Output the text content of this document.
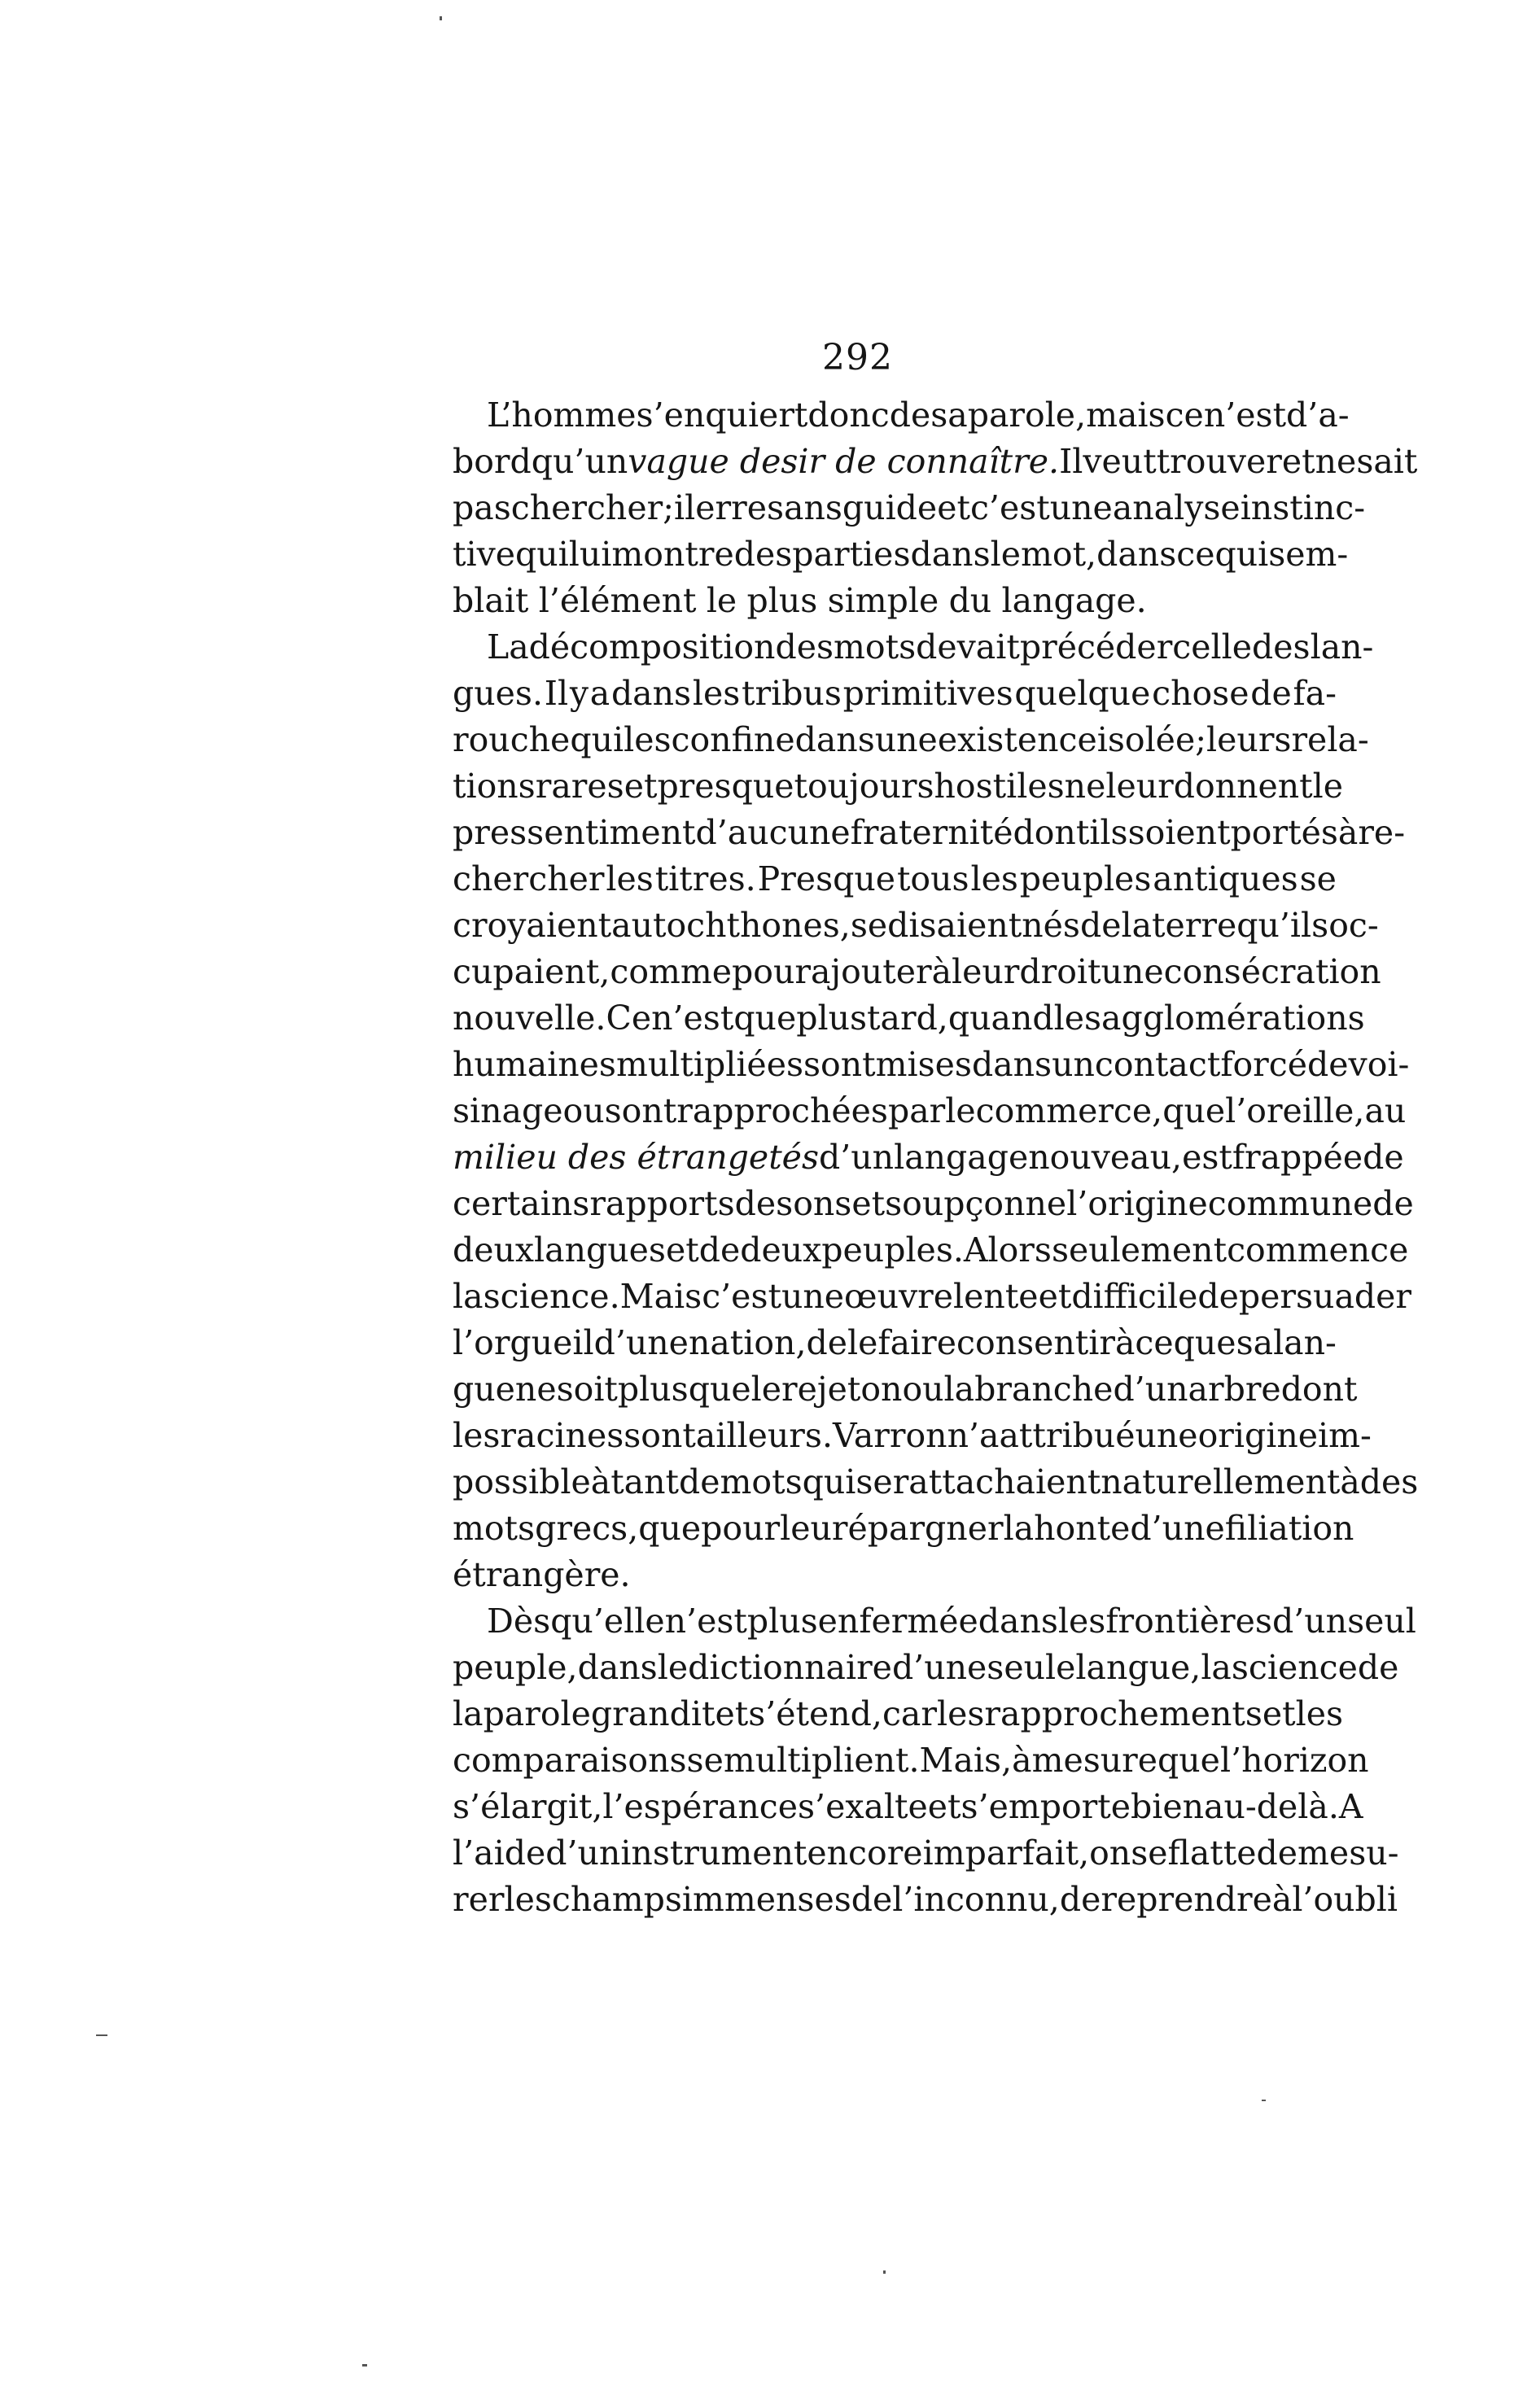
292
L’homme s’enquiert donc de sa parole, mais ce n’est d’a-
bord qu’un vague desir de connaître. Il veut trouver et ne sait
pas chercher; il erre sans guide et c’est une analyse instinc-
tive qui lui montre des parties dans le mot, dans ce qui sem-
blait l’élément le plus simple du langage.
La décomposition des mots devait précéder celle des lan-
gues. Il y a dans les tribus primitives quelque chose de fa-
rouche qui les confine dans une existence isolée; leurs rela-
tions rares et presque toujours hostiles ne leur donnent le
pressentiment d’aucune fraternité dont ils soient portés à re-
chercher les titres. Presque tous les peuples antiques se
croyaient autochthones, se disaient nés de la terre qu’ils oc-
cupaient, comme pour ajouter à leur droit une consécration
nouvelle. Ce n’est que plus tard, quand les agglomérations
humaines multipliées sont mises dans un contact forcé de voi-
sinage ou sont rapprochées par le commerce, que l’oreille, au
milieu des étrangetés d’un langage nouveau, est frappée de
certains rapports de sons et soupçonne l’origine commune de
deux langues et de deux peuples. Alors seulement commence
la science. Mais c’est une œuvre lente et difficile de persuader
l’orgueil d’une nation, de le faire consentir à ce que sa lan-
gue ne soit plus que le rejeton ou la branche d’un arbre dont
les racines sont ailleurs. Varron n’a attribué une origine im-
possible à tant de mots qui se rattachaient naturellement à des
mots grecs, que pour leur épargner la honte d’une filiation
étrangère.
Dès qu’elle n’est plus enfermée dans les frontières d’un seul
peuple, dans le dictionnaire d’une seule langue, la science de
la parole grandit et s’étend, car les rapprochements et les
comparaisons se multiplient. Mais, à mesure que l’horizon
s’élargit, l’espérance s’exalte et s’emporte bien au-delà. A
l’aide d’un instrument encore imparfait, on se flatte de mesu-
rer les champs immenses de l’inconnu, de reprendre à l’oubli
